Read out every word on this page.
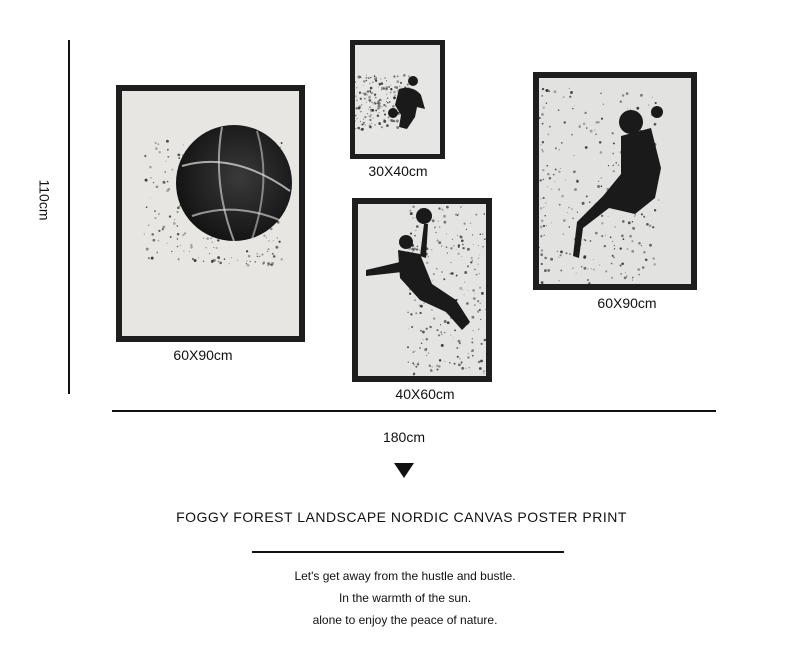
110cm
60X90cm
30X40cm
40X60cm
60X90cm
180cm
FOGGY FOREST LANDSCAPE NORDIC CANVAS POSTER PRINT
Let's get away from the hustle and bustle.
In the warmth of the sun.
alone to enjoy the peace of nature.
